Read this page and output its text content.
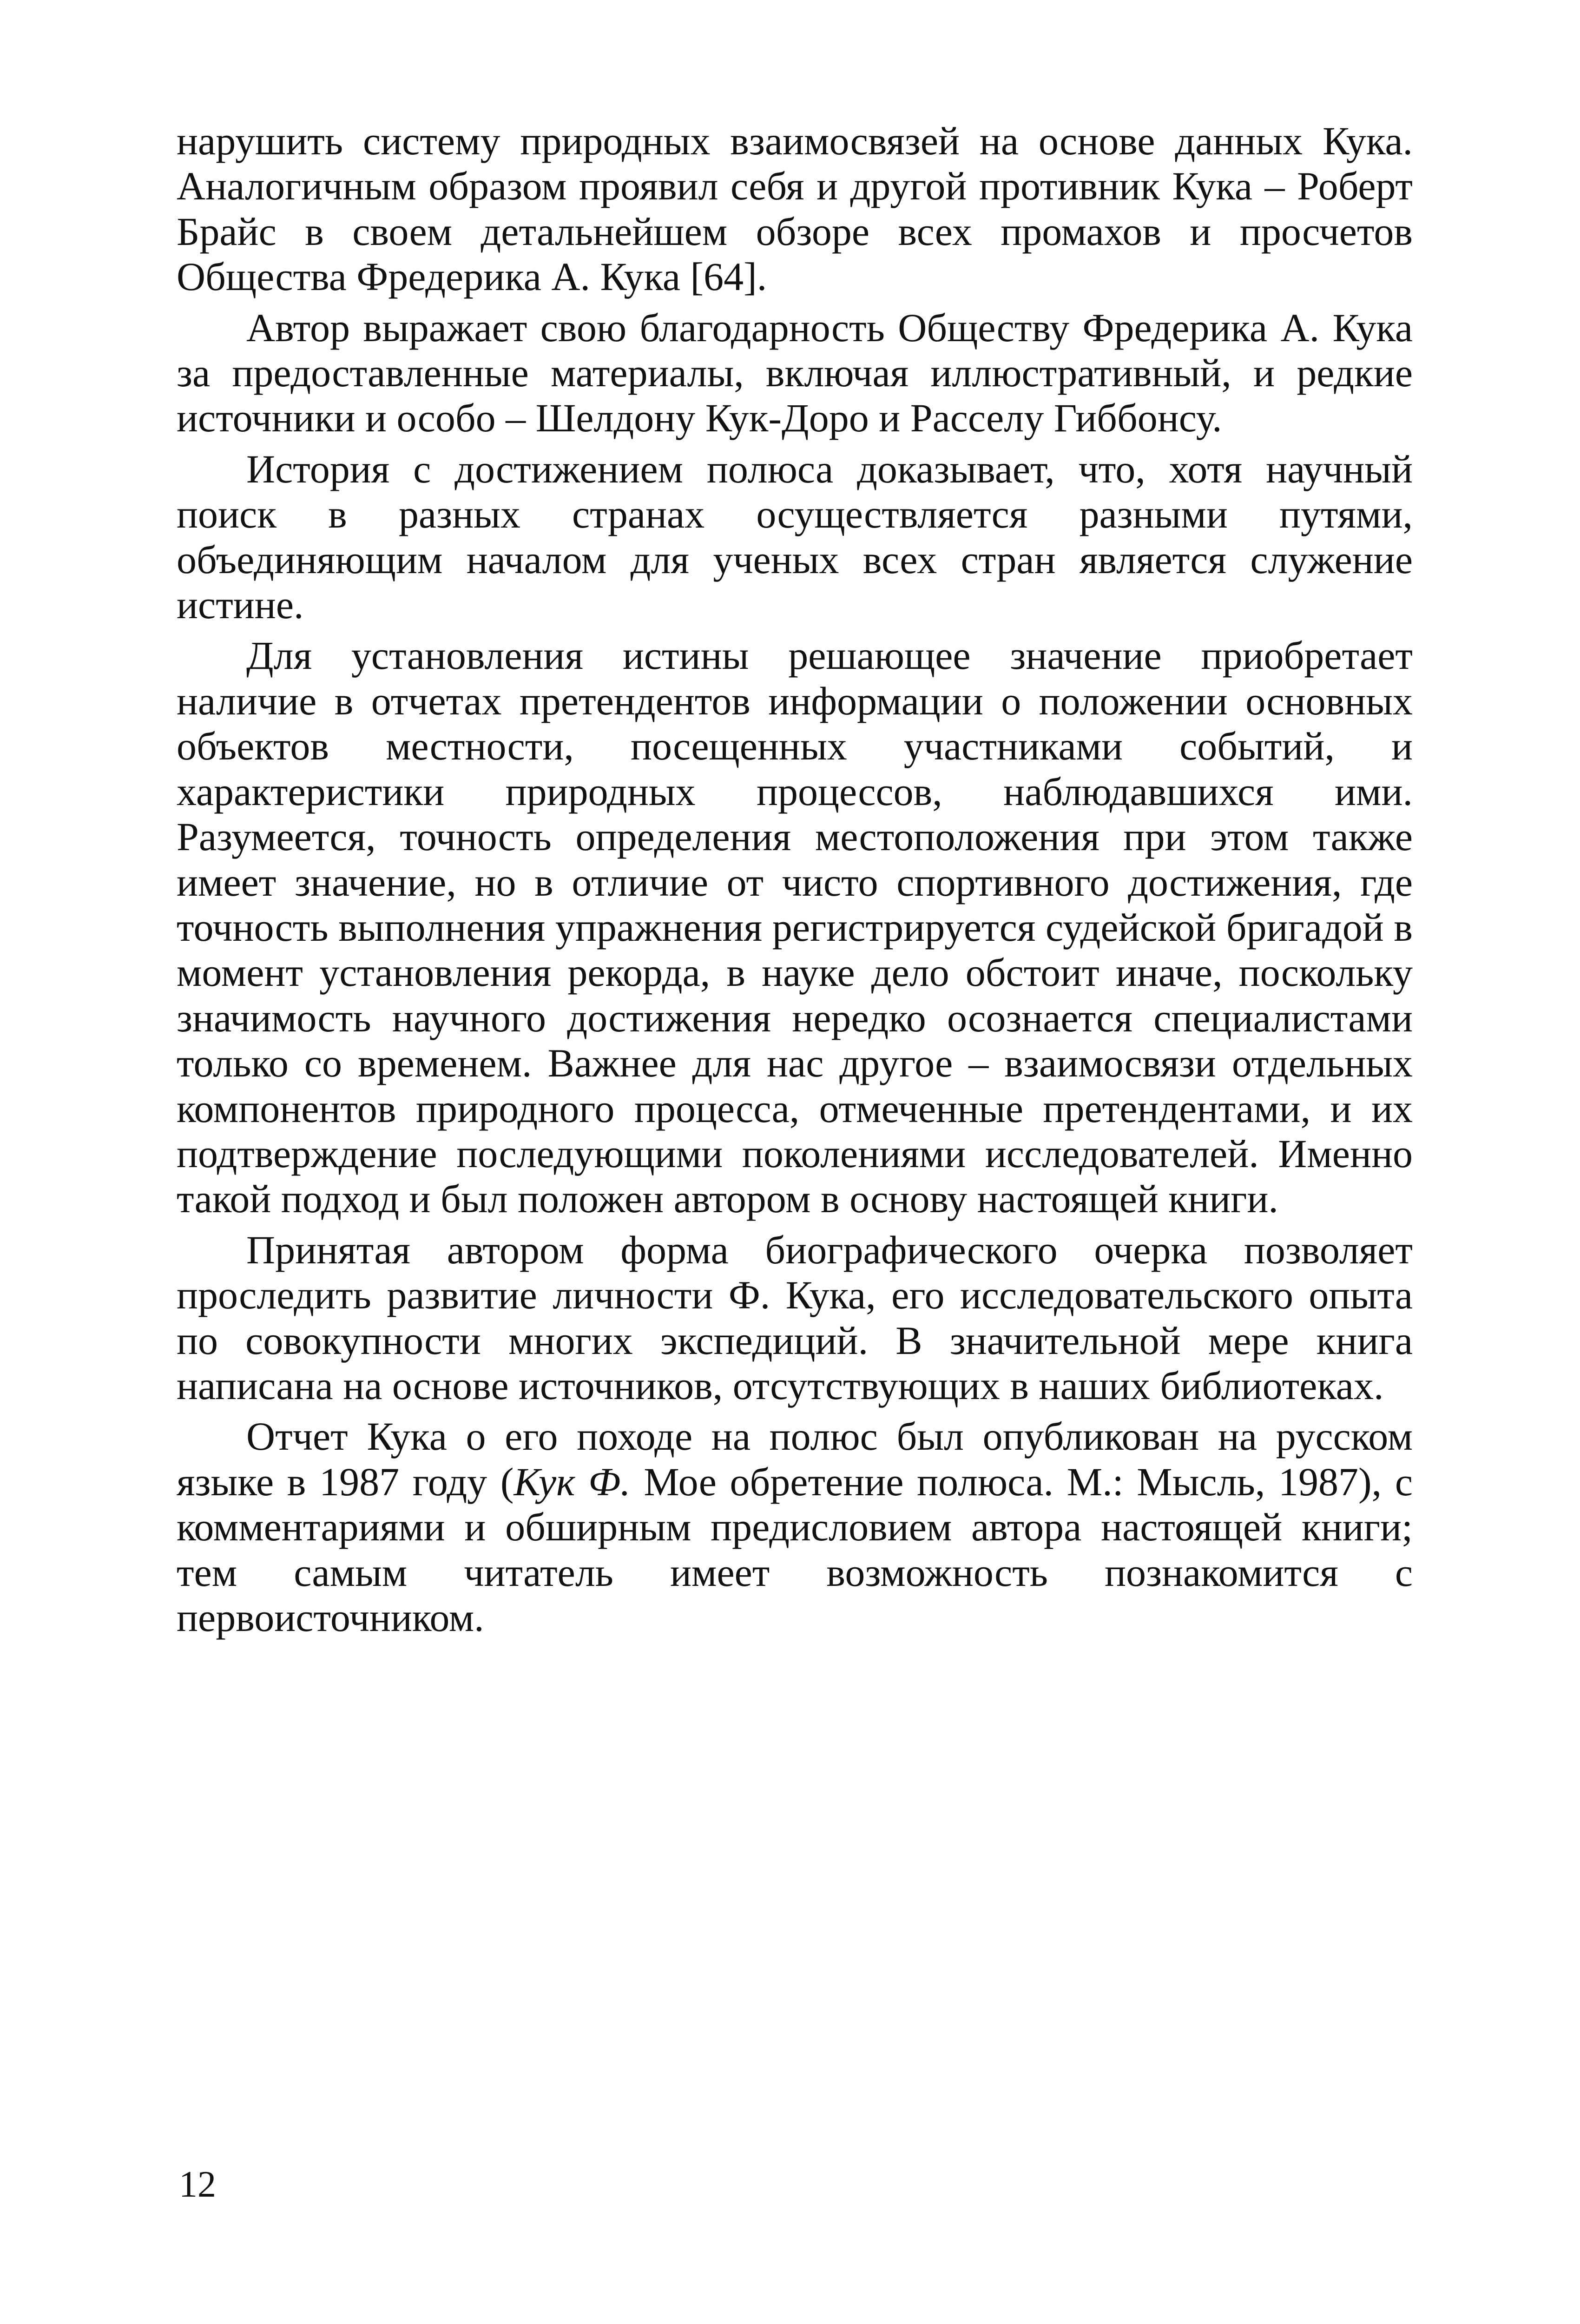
нарушить систему природных взаимосвязей на основе данных Кука. Аналогичным образом проявил себя и другой противник Кука – Роберт Брайс в своем детальнейшем обзоре всех промахов и просчетов Общества Фредерика А. Кука [64].

Автор выражает свою благодарность Обществу Фредерика А. Кука за предоставленные материалы, включая иллюстративный, и редкие источники и особо – Шелдону Кук-Доро и Расселу Гиббонсу.

История с достижением полюса доказывает, что, хотя научный поиск в разных странах осуществляется разными путями, объединяющим началом для ученых всех стран является служение истине.

Для установления истины решающее значение приобретает наличие в отчетах претендентов информации о положении основных объектов местности, посещенных участниками событий, и характеристики природных процессов, наблюдавшихся ими. Разумеется, точность определения местоположения при этом также имеет значение, но в отличие от чисто спортивного достижения, где точность выполнения упражнения регистрируется судейской бригадой в момент установления рекорда, в науке дело обстоит иначе, поскольку значимость научного достижения нередко осознается специалистами только со временем. Важнее для нас другое – взаимосвязи отдельных компонентов природного процесса, отмеченные претендентами, и их подтверждение последующими поколениями исследователей. Именно такой подход и был положен автором в основу настоящей книги.

Принятая автором форма биографического очерка позволяет проследить развитие личности Ф. Кука, его исследовательского опыта по совокупности многих экспедиций. В значительной мере книга написана на основе источников, отсутствующих в наших библиотеках.

Отчет Кука о его походе на полюс был опубликован на русском языке в 1987 году (Кук Ф. Мое обретение полюса. М.: Мысль, 1987), с комментариями и обширным предисловием автора настоящей книги; тем самым читатель имеет возможность познакомится с первоисточником.

12
